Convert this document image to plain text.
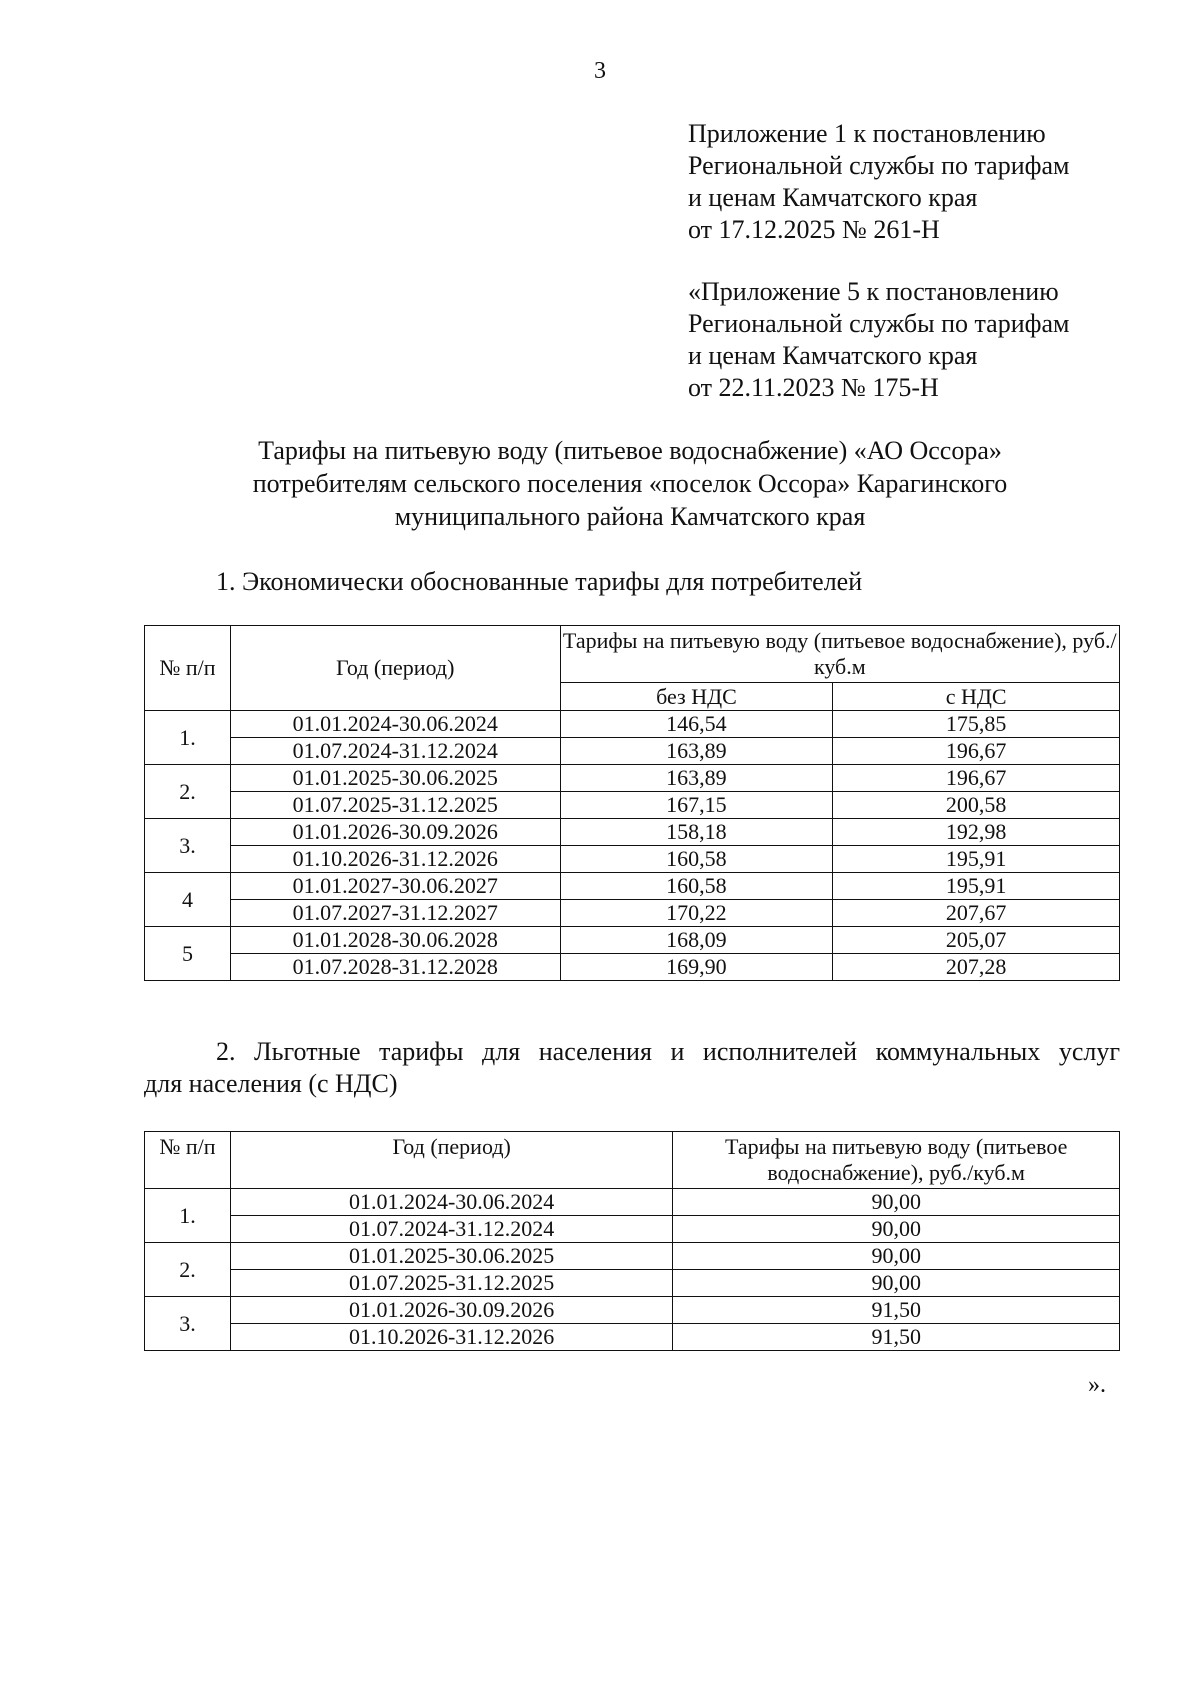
3
Приложение 1 к постановлению
Региональной службы по тарифам
и ценам Камчатского края
от 17.12.2025 № 261-Н
«Приложение 5 к постановлению
Региональной службы по тарифам
и ценам Камчатского края
от 22.11.2023 № 175-Н
Тарифы на питьевую воду (питьевое водоснабжение) «АО Оссора»
потребителям сельского поселения «поселок Оссора» Карагинского
муниципального района Камчатского края
1. Экономически обоснованные тарифы для потребителей
№ п/п	Год (период)	Тарифы на питьевую воду (питьевое водоснабжение), руб./куб.м	
		без НДС	с НДС
1.	01.01.2024-30.06.2024	146,54	175,85
	01.07.2024-31.12.2024	163,89	196,67
2.	01.01.2025-30.06.2025	163,89	196,67
	01.07.2025-31.12.2025	167,15	200,58
3.	01.01.2026-30.09.2026	158,18	192,98
	01.10.2026-31.12.2026	160,58	195,91
4	01.01.2027-30.06.2027	160,58	195,91
	01.07.2027-31.12.2027	170,22	207,67
5	01.01.2028-30.06.2028	168,09	205,07
	01.07.2028-31.12.2028	169,90	207,28
2. Льготные тарифы для населения и исполнителей коммунальных услуг
для населения (с НДС)
№ п/п	Год (период)	Тарифы на питьевую воду (питьевое водоснабжение), руб./куб.м
1.	01.01.2024-30.06.2024	90,00
	01.07.2024-31.12.2024	90,00
2.	01.01.2025-30.06.2025	90,00
	01.07.2025-31.12.2025	90,00
3.	01.01.2026-30.09.2026	91,50
	01.10.2026-31.12.2026	91,50
».
